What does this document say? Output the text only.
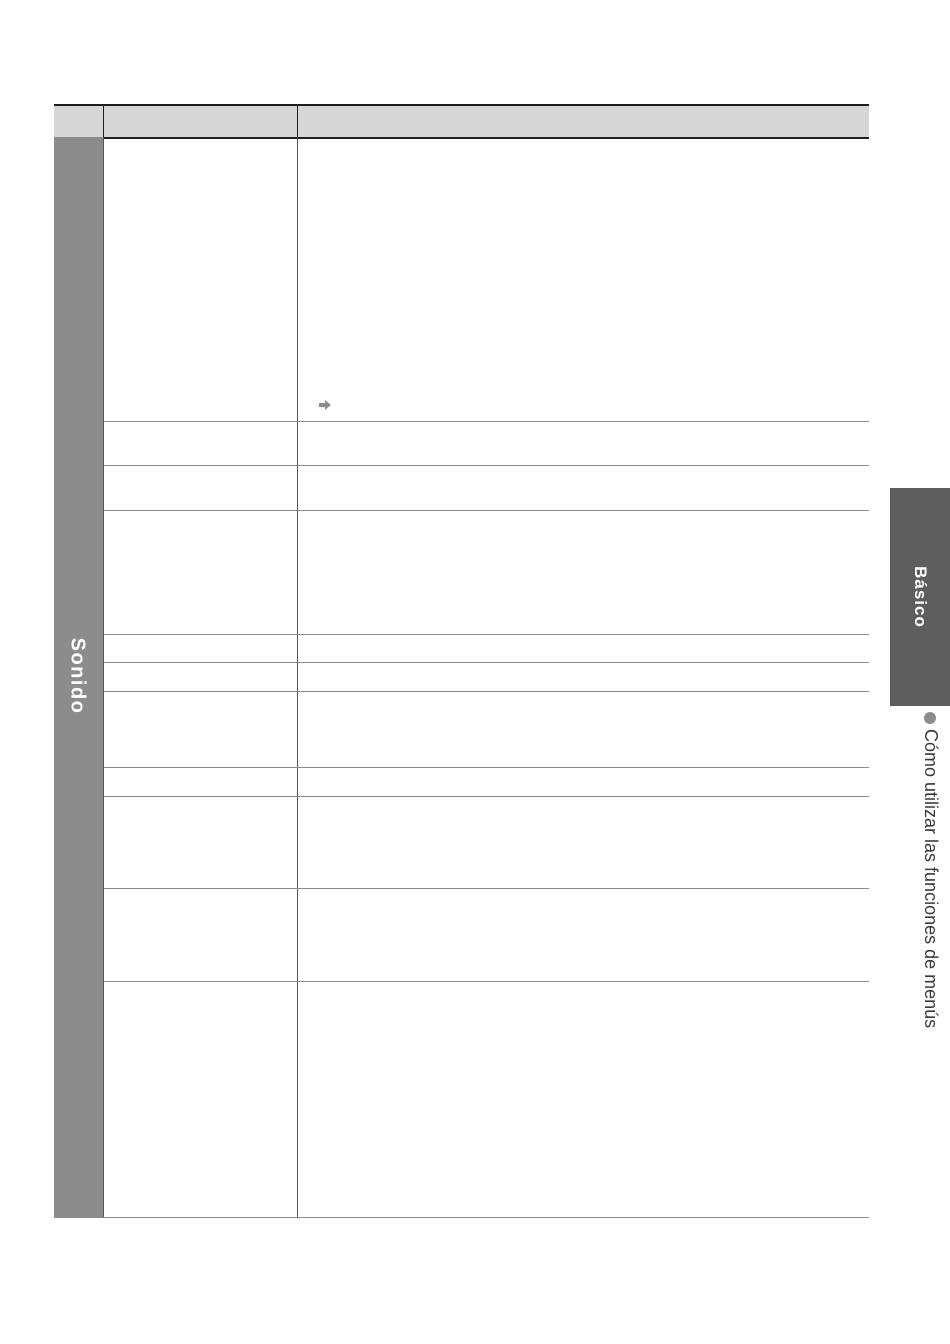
Sonido
Básico
Cómo utilizar las funciones de menús
